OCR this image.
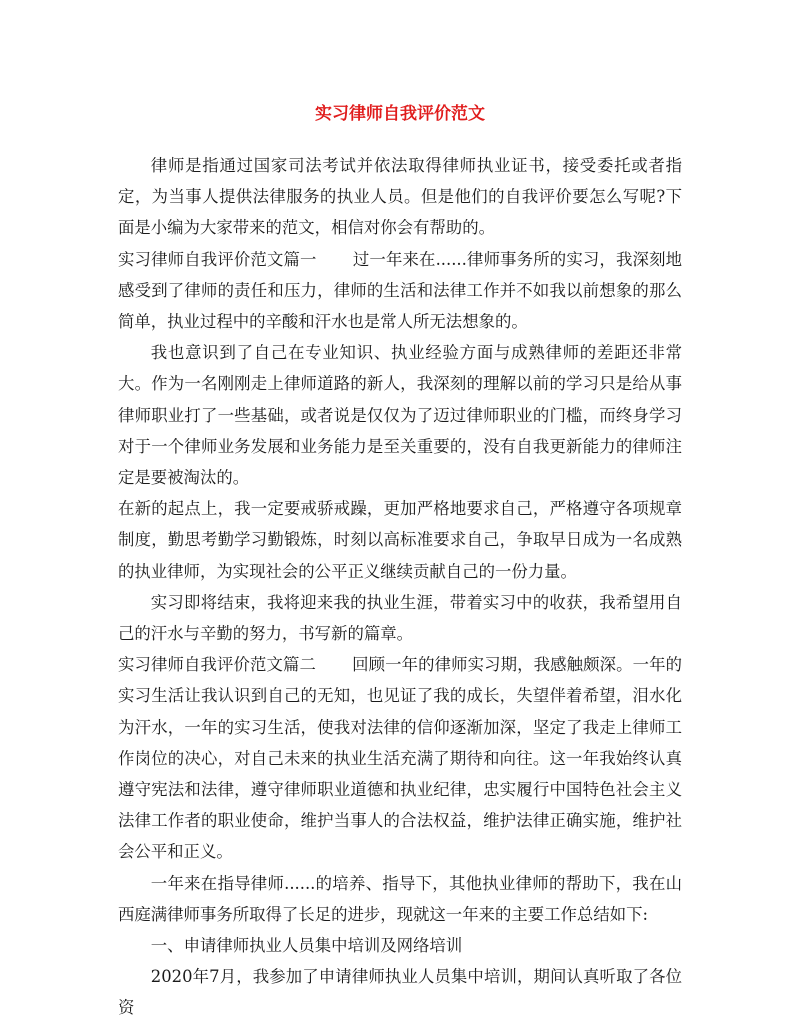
实习律师自我评价范文

律师是指通过国家司法考试并依法取得律师执业证书，接受委托或者指定，为当事人提供法律服务的执业人员。但是他们的自我评价要怎么写呢?下面是小编为大家带来的范文，相信对你会有帮助的。

实习律师自我评价范文篇一 过一年来在......律师事务所的实习，我深刻地感受到了律师的责任和压力，律师的生活和法律工作并不如我以前想象的那么简单，执业过程中的辛酸和汗水也是常人所无法想象的。

我也意识到了自己在专业知识、执业经验方面与成熟律师的差距还非常大。作为一名刚刚走上律师道路的新人，我深刻的理解以前的学习只是给从事律师职业打了一些基础，或者说是仅仅为了迈过律师职业的门槛，而终身学习对于一个律师业务发展和业务能力是至关重要的，没有自我更新能力的律师注定是要被淘汰的。

在新的起点上，我一定要戒骄戒躁，更加严格地要求自己，严格遵守各项规章制度，勤思考勤学习勤锻炼，时刻以高标准要求自己，争取早日成为一名成熟的执业律师，为实现社会的公平正义继续贡献自己的一份力量。

实习即将结束，我将迎来我的执业生涯，带着实习中的收获，我希望用自己的汗水与辛勤的努力，书写新的篇章。

实习律师自我评价范文篇二 回顾一年的律师实习期，我感触颇深。一年的实习生活让我认识到自己的无知，也见证了我的成长，失望伴着希望，泪水化为汗水，一年的实习生活，使我对法律的信仰逐渐加深，坚定了我走上律师工作岗位的决心，对自己未来的执业生活充满了期待和向往。这一年我始终认真遵守宪法和法律，遵守律师职业道德和执业纪律，忠实履行中国特色社会主义法律工作者的职业使命，维护当事人的合法权益，维护法律正确实施，维护社会公平和正义。

一年来在指导律师......的培养、指导下，其他执业律师的帮助下，我在山西庭满律师事务所取得了长足的进步，现就这一年来的主要工作总结如下:

一、申请律师执业人员集中培训及网络培训

2020年7月，我参加了申请律师执业人员集中培训，期间认真听取了各位资
